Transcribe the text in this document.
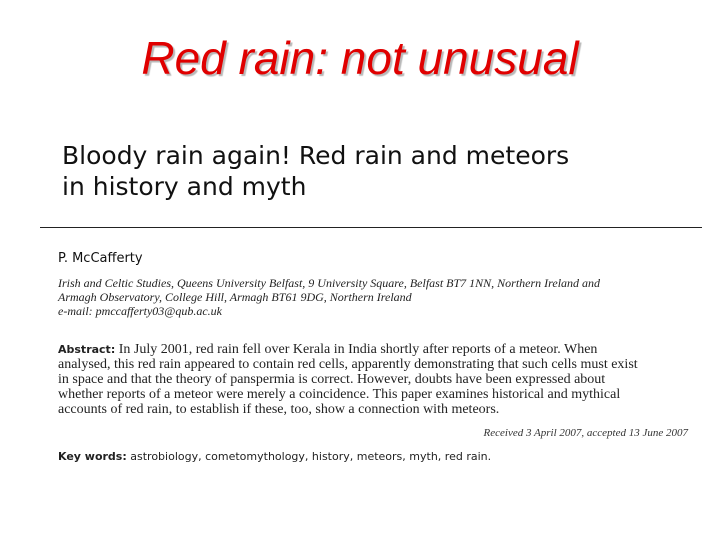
Red rain: not unusual
Bloody rain again! Red rain and meteors
in history and myth
P. McCafferty
Irish and Celtic Studies, Queens University Belfast, 9 University Square, Belfast BT7 1NN, Northern Ireland and
Armagh Observatory, College Hill, Armagh BT61 9DG, Northern Ireland
e-mail: pmccafferty03@qub.ac.uk
Abstract: In July 2001, red rain fell over Kerala in India shortly after reports of a meteor. When
analysed, this red rain appeared to contain red cells, apparently demonstrating that such cells must exist
in space and that the theory of panspermia is correct. However, doubts have been expressed about
whether reports of a meteor were merely a coincidence. This paper examines historical and mythical
accounts of red rain, to establish if these, too, show a connection with meteors.
Received 3 April 2007, accepted 13 June 2007
Key words: astrobiology, cometomythology, history, meteors, myth, red rain.
